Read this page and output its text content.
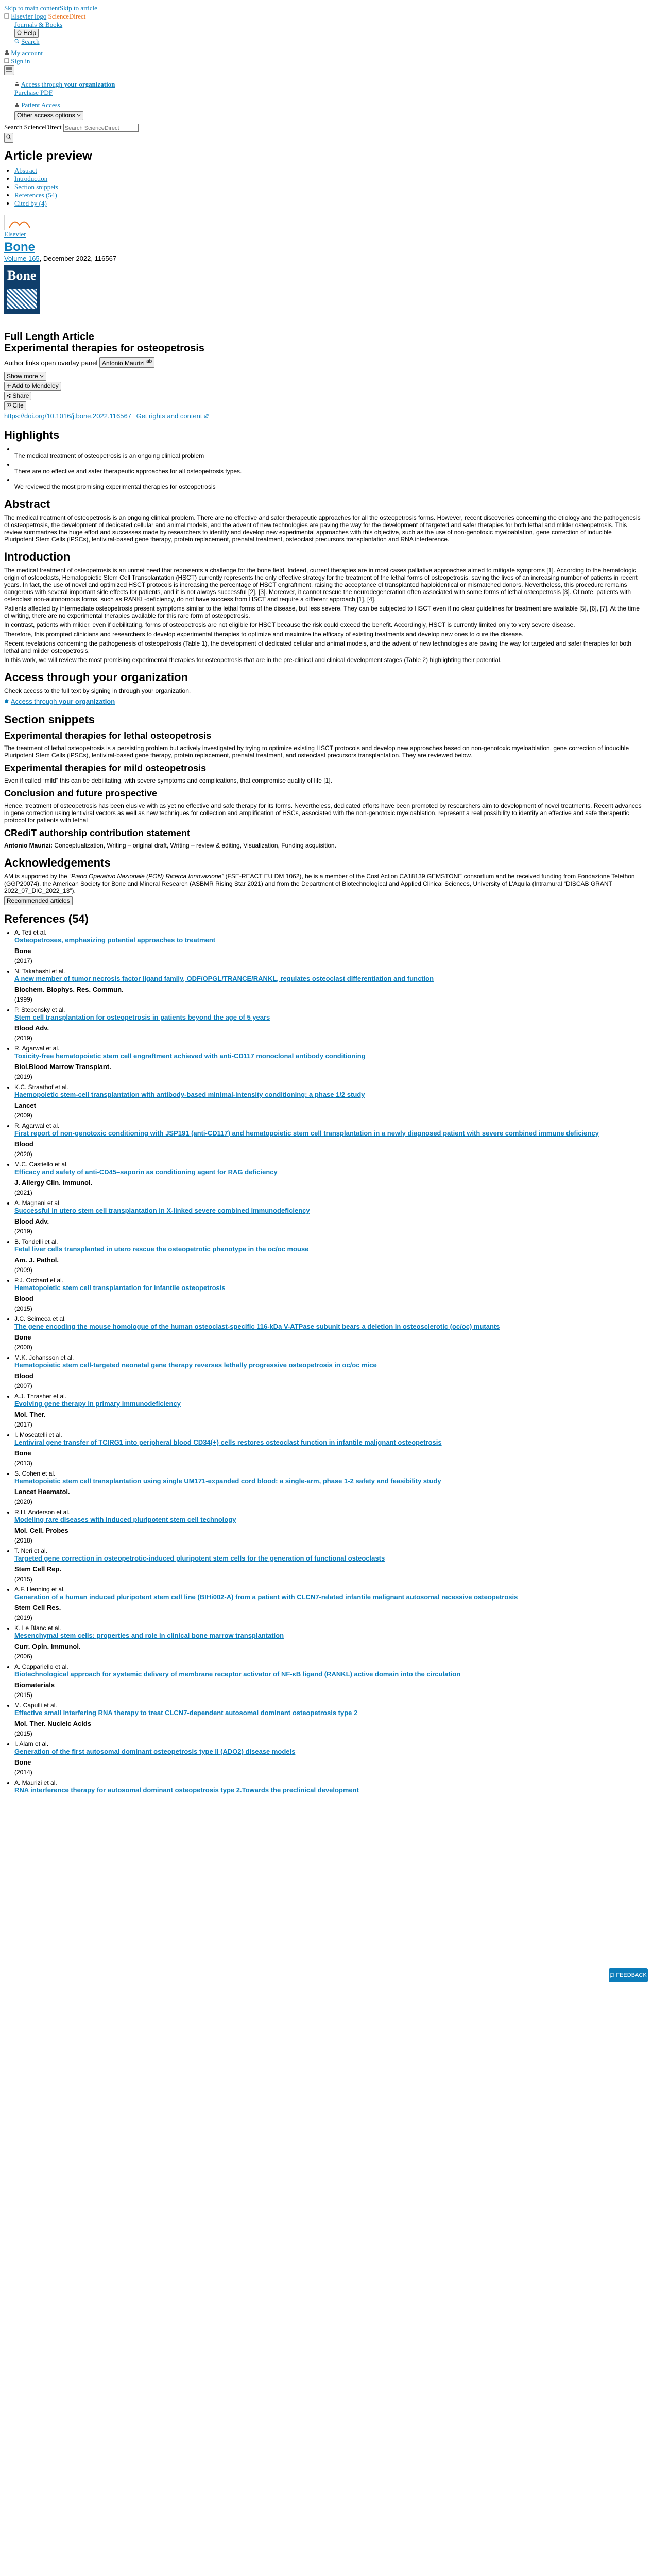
Skip to main contentSkip to article
Elsevier logo ScienceDirect
Journals & Books
Help
Search
My account
Sign in
Access through your organization
Purchase PDF
Patient Access
Other access options
Search ScienceDirect Search ScienceDirect
Article preview
• Abstract
• Introduction
• Section snippets
• References (54)
• Cited by (4)
Elsevier
Bone
Volume 165, December 2022, 116567
Bone
Full Length Article
Experimental therapies for osteopetrosis
Author links open overlay panel Antonio Maurizi $^{ab}$
Show more
Add to Mendeley
Share
Cite
https://doi.org/10.1016/j.bone.2022.116567 Get rights and content
Highlights

• The medical treatment of osteopetrosis is an ongoing clinical problem

• There are no effective and safer therapeutic approaches for all osteopetrosis types.

• We reviewed the most promising experimental therapies for osteopetrosis
Abstract

The medical treatment of osteopetrosis is an ongoing clinical problem. There are no effective and safer therapeutic approaches for all the osteopetrosis forms. However, recent discoveries concerning the etiology and the pathogenesis of osteopetrosis, the development of dedicated cellular and animal models, and the advent of new technologies are paving the way for the development of targeted and safer therapies for both lethal and milder osteopetrosis. This review summarizes the huge effort and successes made by researchers to identify and develop new experimental approaches with this objective, such as the use of non-genotoxic myeloablation, gene correction of inducible Pluripotent Stem Cells (iPSCs), lentiviral-based gene therapy, protein replacement, prenatal treatment, osteoclast precursors transplantation and RNA interference.

Introduction

The medical treatment of osteopetrosis is an unmet need that represents a challenge for the bone field. Indeed, current therapies are in most cases palliative approaches aimed to mitigate symptoms [1]. According to the hematologic origin of osteoclasts, Hematopoietic Stem Cell Transplantation (HSCT) currently represents the only effective strategy for the treatment of the lethal forms of osteopetrosis, saving the lives of an increasing number of patients in recent years. In fact, the use of novel and optimized HSCT protocols is increasing the percentage of HSCT engraftment, raising the acceptance of transplanted haploidentical or mismatched donors. Nevertheless, this procedure remains dangerous with several important side effects for patients, and it is not always successful [2], [3]. Moreover, it cannot rescue the neurodegeneration often associated with some forms of lethal osteopetrosis [3]. Of note, patients with osteoclast non-autonomous forms, such as RANKL-deficiency, do not have success from HSCT and require a different approach [1], [4].

Patients affected by intermediate osteopetrosis present symptoms similar to the lethal forms of the disease, but less severe. They can be subjected to HSCT even if no clear guidelines for treatment are available [5], [6], [7]. At the time of writing, there are no experimental therapies available for this rare form of osteopetrosis.

In contrast, patients with milder, even if debilitating, forms of osteopetrosis are not eligible for HSCT because the risk could exceed the benefit. Accordingly, HSCT is currently limited only to very severe disease.

Therefore, this prompted clinicians and researchers to develop experimental therapies to optimize and maximize the efficacy of existing treatments and develop new ones to cure the disease.

Recent revelations concerning the pathogenesis of osteopetrosis (Table 1), the development of dedicated cellular and animal models, and the advent of new technologies are paving the way for targeted and safer therapies for both lethal and milder osteopetrosis.

In this work, we will review the most promising experimental therapies for osteopetrosis that are in the pre-clinical and clinical development stages (Table 2) highlighting their potential.

Access through your organization

Check access to the full text by signing in through your organization.

Access through your organization
Section snippets
Experimental therapies for lethal osteopetrosis

The treatment of lethal osteopetrosis is a persisting problem but actively investigated by trying to optimize existing HSCT protocols and develop new approaches based on non-genotoxic myeloablation, gene correction of inducible Pluripotent Stem Cells (iPSCs), lentiviral-based gene therapy, protein replacement, prenatal treatment, and osteoclast precursors transplantation. They are reviewed below.

Experimental therapies for mild osteopetrosis

Even if called “mild” this can be debilitating, with severe symptoms and complications, that compromise quality of life [1].

Conclusion and future prospective

Hence, treatment of osteopetrosis has been elusive with as yet no effective and safe therapy for its forms. Nevertheless, dedicated efforts have been promoted by researchers aim to development of novel treatments. Recent advances in gene correction using lentiviral vectors as well as new techniques for collection and amplification of HSCs, associated with the non-genotoxic myeloablation, represent a real possibility to identify an effective and safe therapeutic protocol for patients with lethal

CRediT authorship contribution statement

Antonio Maurizi: Conceptualization, Writing – original draft, Writing – review & editing, Visualization, Funding acquisition.

Acknowledgements

AM is supported by the “Piano Operativo Nazionale (PON) Ricerca Innovazione” (FSE-REACT EU DM 1062), he is a member of the Cost Action CA18139 GEMSTONE consortium and he received funding from Fondazione Telethon (GGP20074), the American Society for Bone and Mineral Research (ASBMR Rising Star 2021) and from the Department of Biotechnological and Applied Clinical Sciences, University of L'Aquila (Intramural “DISCAB GRANT 2022_07_DIC_2022_13”).

Recommended articles
References (54)
• A. Teti et al.
Osteopetroses, emphasizing potential approaches to treatment
Bone
(2017)
• N. Takahashi et al.
A new member of tumor necrosis factor ligand family, ODF/OPGL/TRANCE/RANKL, regulates osteoclast differentiation and function
Biochem. Biophys. Res. Commun.
(1999)
• P. Stepensky et al.
Stem cell transplantation for osteopetrosis in patients beyond the age of 5 years
Blood Adv.
(2019)
• R. Agarwal et al.
Toxicity-free hematopoietic stem cell engraftment achieved with anti-CD117 monoclonal antibody conditioning
Biol.Blood Marrow Transplant.
(2019)
• K.C. Straathof et al.
Haemopoietic stem-cell transplantation with antibody-based minimal-intensity conditioning: a phase 1/2 study
Lancet
(2009)
• R. Agarwal et al.
First report of non-genotoxic conditioning with JSP191 (anti-CD117) and hematopoietic stem cell transplantation in a newly diagnosed patient with severe combined immune deficiency
Blood
(2020)
• M.C. Castiello et al.
Efficacy and safety of anti-CD45–saporin as conditioning agent for RAG deficiency
J. Allergy Clin. Immunol.
(2021)
• A. Magnani et al.
Successful in utero stem cell transplantation in X-linked severe combined immunodeficiency
Blood Adv.
(2019)
• B. Tondelli et al.
Fetal liver cells transplanted in utero rescue the osteopetrotic phenotype in the oc/oc mouse
Am. J. Pathol.
(2009)
• P.J. Orchard et al.
Hematopoietic stem cell transplantation for infantile osteopetrosis
Blood
(2015)
• J.C. Scimeca et al.
The gene encoding the mouse homologue of the human osteoclast-specific 116-kDa V-ATPase subunit bears a deletion in osteosclerotic (oc/oc) mutants
Bone
(2000)
• M.K. Johansson et al.
Hematopoietic stem cell-targeted neonatal gene therapy reverses lethally progressive osteopetrosis in oc/oc mice
Blood
(2007)
• A.J. Thrasher et al.
Evolving gene therapy in primary immunodeficiency
Mol. Ther.
(2017)
• I. Moscatelli et al.
Lentiviral gene transfer of TCIRG1 into peripheral blood CD34(+) cells restores osteoclast function in infantile malignant osteopetrosis
Bone
(2013)
• S. Cohen et al.
Hematopoietic stem cell transplantation using single UM171-expanded cord blood: a single-arm, phase 1-2 safety and feasibility study
Lancet Haematol.
(2020)
• R.H. Anderson et al.
Modeling rare diseases with induced pluripotent stem cell technology
Mol. Cell. Probes
(2018)
• T. Neri et al.
Targeted gene correction in osteopetrotic-induced pluripotent stem cells for the generation of functional osteoclasts
Stem Cell Rep.
(2015)
• A.F. Henning et al.
Generation of a human induced pluripotent stem cell line (BIHi002-A) from a patient with CLCN7-related infantile malignant autosomal recessive osteopetrosis
Stem Cell Res.
(2019)
• K. Le Blanc et al.
Mesenchymal stem cells: properties and role in clinical bone marrow transplantation
Curr. Opin. Immunol.
(2006)
• A. Cappariello et al.
Biotechnological approach for systemic delivery of membrane receptor activator of NF-κB ligand (RANKL) active domain into the circulation
Biomaterials
(2015)
• M. Capulli et al.
Effective small interfering RNA therapy to treat CLCN7-dependent autosomal dominant osteopetrosis type 2
Mol. Ther. Nucleic Acids
(2015)
• I. Alam et al.
Generation of the first autosomal dominant osteopetrosis type II (ADO2) disease models
Bone
(2014)
• A. Maurizi et al.
RNA interference therapy for autosomal dominant osteopetrosis type 2.Towards the preclinical development
FEEDBACK
